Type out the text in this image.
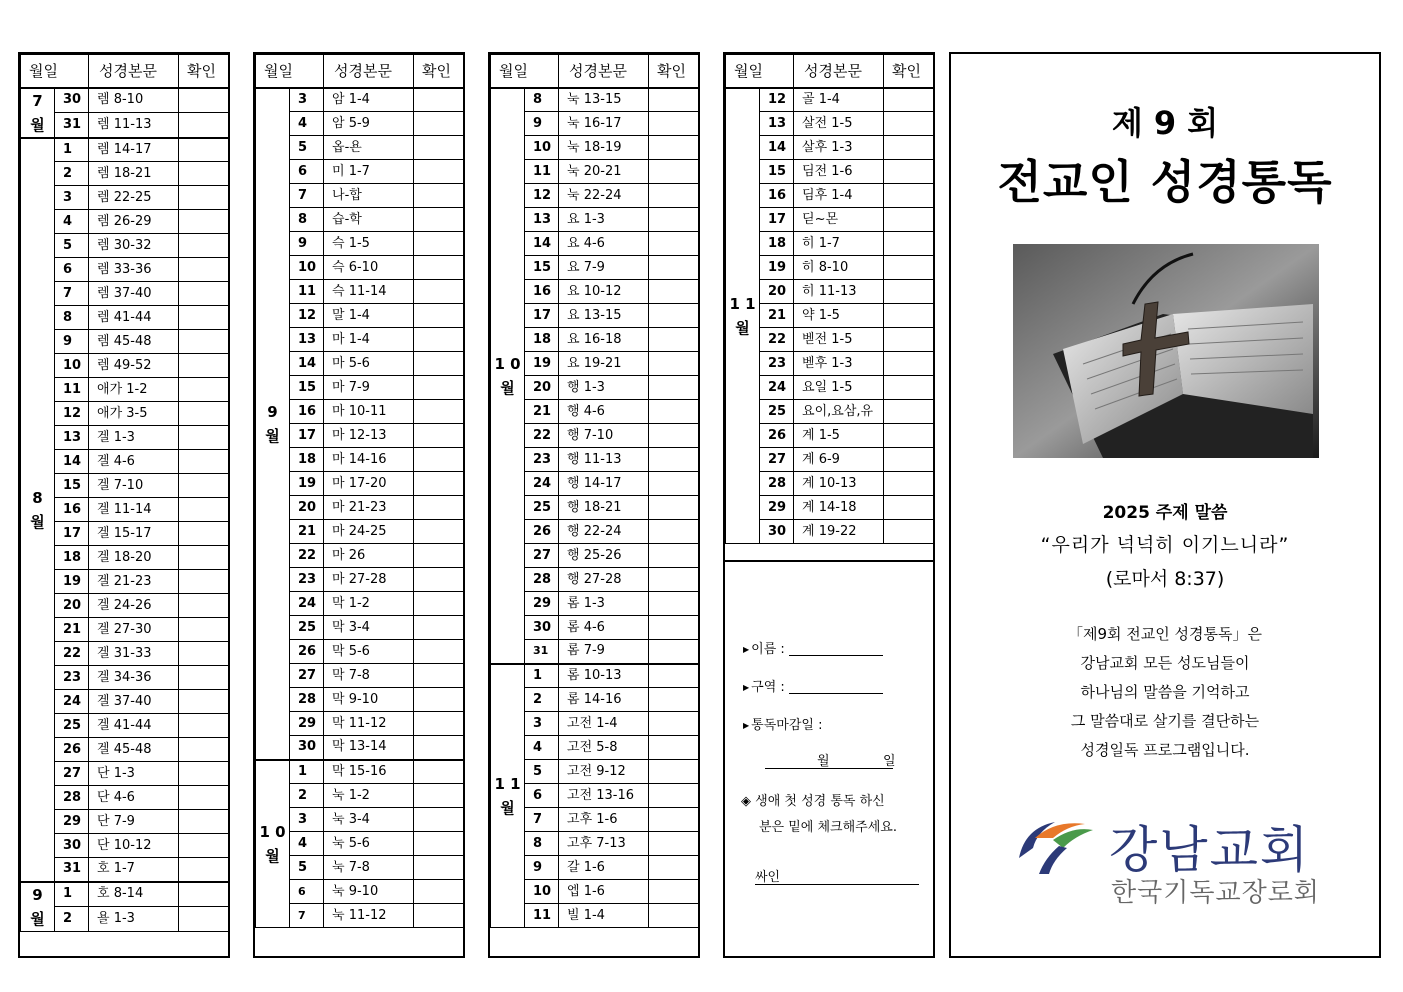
월일		성경본문	확인

7
월	30	렘 8-10	
	31	렘 11-13	

8
월	1	렘 14-17	
	2	렘 18-21	
	3	렘 22-25	
	4	렘 26-29	
	5	렘 30-32	
	6	렘 33-36	
	7	렘 37-40	
	8	렘 41-44	
	9	렘 45-48	
	10	렘 49-52	
	11	애가 1-2	
	12	애가 3-5	
	13	겔 1-3	
	14	겔 4-6	
	15	겔 7-10	
	16	겔 11-14	
	17	겔 15-17	
	18	겔 18-20	
	19	겔 21-23	
	20	겔 24-26	
	21	겔 27-30	
	22	겔 31-33	
	23	겔 34-36	
	24	겔 37-40	
	25	겔 41-44	
	26	겔 45-48	
	27	단 1-3	
	28	단 4-6	
	29	단 7-9	
	30	단 10-12	
	31	호 1-7	

9
월	1	호 8-14	
	2	욜 1-3	
월일		성경본문	확인

9
월	3	암 1-4	
	4	암 5-9	
	5	옵-욘	
	6	미 1-7	
	7	나-합	
	8	습-학	
	9	슥 1-5	
	10	슥 6-10	
	11	슥 11-14	
	12	말 1-4	
	13	마 1-4	
	14	마 5-6	
	15	마 7-9	
	16	마 10-11	
	17	마 12-13	
	18	마 14-16	
	19	마 17-20	
	20	마 21-23	
	21	마 24-25	
	22	마 26	
	23	마 27-28	
	24	막 1-2	
	25	막 3-4	
	26	막 5-6	
	27	막 7-8	
	28	막 9-10	
	29	막 11-12	
	30	막 13-14	

1 0
월	1	막 15-16	
	2	눅 1-2	
	3	눅 3-4	
	4	눅 5-6	
	5	눅 7-8	
	6	눅 9-10	
	7	눅 11-12	
월일		성경본문	확인

1 0
월	8	눅 13-15	
	9	눅 16-17	
	10	눅 18-19	
	11	눅 20-21	
	12	눅 22-24	
	13	요 1-3	
	14	요 4-6	
	15	요 7-9	
	16	요 10-12	
	17	요 13-15	
	18	요 16-18	
	19	요 19-21	
	20	행 1-3	
	21	행 4-6	
	22	행 7-10	
	23	행 11-13	
	24	행 14-17	
	25	행 18-21	
	26	행 22-24	
	27	행 25-26	
	28	행 27-28	
	29	롬 1-3	
	30	롬 4-6	
	31	롬 7-9	

1 1
월	1	롬 10-13	
	2	롬 14-16	
	3	고전 1-4	
	4	고전 5-8	
	5	고전 9-12	
	6	고전 13-16	
	7	고후 1-6	
	8	고후 7-13	
	9	갈 1-6	
	10	엡 1-6	
	11	빌 1-4	
월일		성경본문	확인

1 1
월	12	골 1-4	
	13	살전 1-5	
	14	살후 1-3	
	15	딤전 1-6	
	16	딤후 1-4	
	17	딛~몬	
	18	히 1-7	
	19	히 8-10	
	20	히 11-13	
	21	약 1-5	
	22	벧전 1-5	
	23	벧후 1-3	
	24	요일 1-5	
	25	요이,요삼,유	
	26	계 1-5	
	27	계 6-9	
	28	계 10-13	
	29	계 14-18	
	30	계 19-22	
▶ 이름 :
▶ 구역 :
▶ 통독마감일 :
월	일
◈ 생애 첫 성경 통독 하신
분은 밑에 체크해주세요.
싸인
제 9 회
전교인 성경통독
2025 주제 말씀
“우리가 넉넉히 이기느니라”
(로마서 8:37)
「제9회 전교인 성경통독」은
강남교회 모든 성도님들이
하나님의 말씀을 기억하고
그 말씀대로 살기를 결단하는
성경일독 프로그램입니다.
강남교회
한국기독교장로회
